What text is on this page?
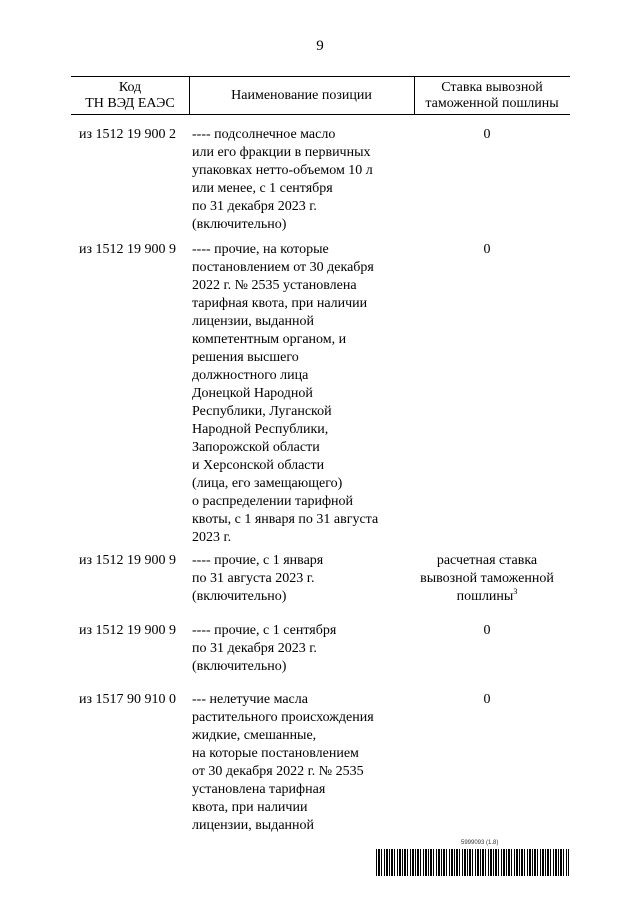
9
Код
ТН ВЭД ЕАЭС
Наименование позиции
Ставка вывозной
таможенной пошлины
из 1512 19 900 2 ---- подсолнечное масло
или его фракции в первичных
упаковках нетто-объемом 10 л
или менее, с 1 сентября
по 31 декабря 2023 г.
(включительно)
0
из 1512 19 900 9 ---- прочие, на которые
постановлением от 30 декабря
2022 г. № 2535 установлена
тарифная квота, при наличии
лицензии, выданной
компетентным органом, и
решения высшего
должностного лица
Донецкой Народной
Республики, Луганской
Народной Республики,
Запорожской области
и Херсонской области
(лица, его замещающего)
о распределении тарифной
квоты, с 1 января по 31 августа
2023 г.
0
из 1512 19 900 9 ---- прочие, с 1 января
по 31 августа 2023 г.
(включительно)
расчетная ставка
вывозной таможенной
пошлины$^3$
из 1512 19 900 9 ---- прочие, с 1 сентября
по 31 декабря 2023 г.
(включительно)
0
из 1517 90 910 0 --- нелетучие масла
растительного происхождения
жидкие, смешанные,
на которые постановлением
от 30 декабря 2022 г. № 2535
установлена тарифная
квота, при наличии
лицензии, выданной
0
5999093 (1.8)
